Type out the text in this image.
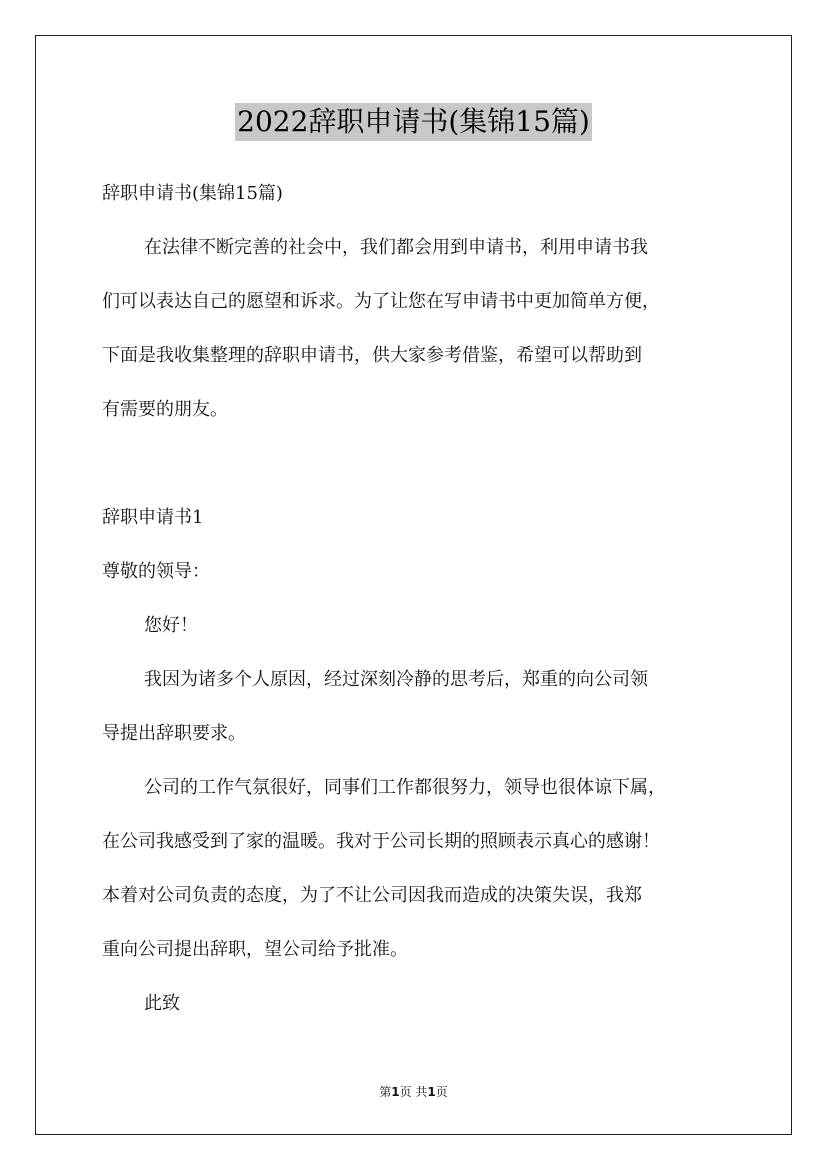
2022辞职申请书(集锦15篇)
辞职申请书(集锦15篇)
在法律不断完善的社会中，我们都会用到申请书，利用申请书我
们可以表达自己的愿望和诉求。为了让您在写申请书中更加简单方便，
下面是我收集整理的辞职申请书，供大家参考借鉴，希望可以帮助到
有需要的朋友。
辞职申请书1
尊敬的领导：
您好！
我因为诸多个人原因，经过深刻冷静的思考后，郑重的向公司领
导提出辞职要求。
公司的工作气氛很好，同事们工作都很努力，领导也很体谅下属，
在公司我感受到了家的温暖。我对于公司长期的照顾表示真心的感谢！
本着对公司负责的态度，为了不让公司因我而造成的决策失误，我郑
重向公司提出辞职，望公司给予批准。
此致
第1页 共1页
